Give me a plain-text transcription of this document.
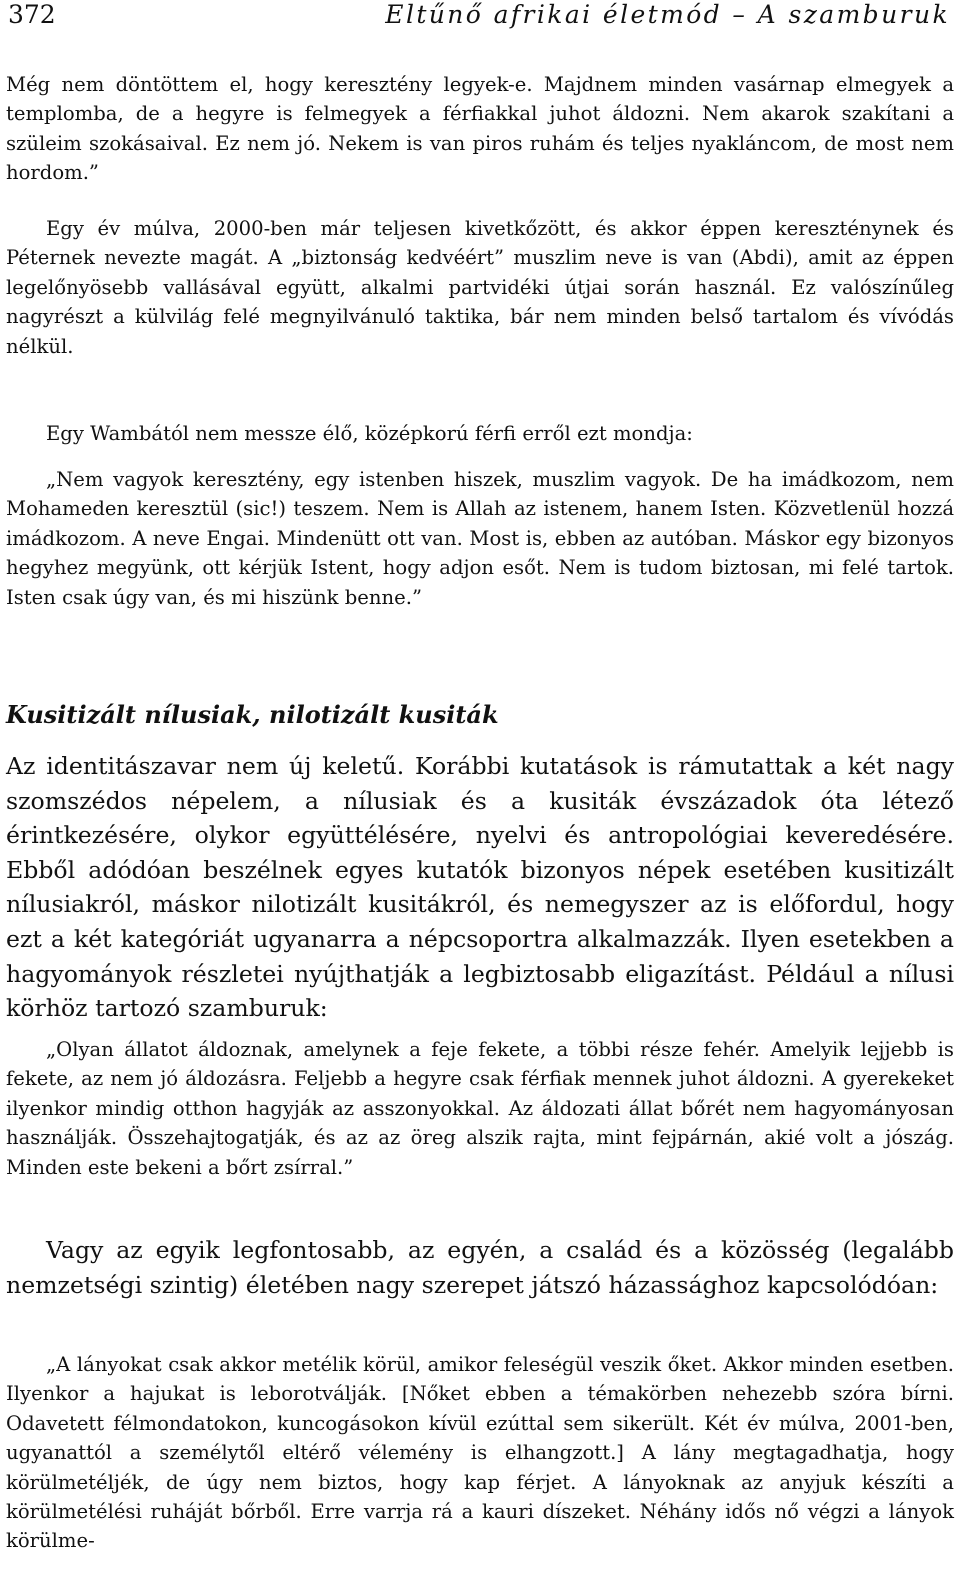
372	Eltűnő afrikai életmód – A szamburuk

Még nem döntöttem el, hogy keresztény legyek-e. Majdnem minden vasárnap elmegyek a templomba, de a hegyre is felmegyek a férfiakkal juhot áldozni. Nem akarok szakítani a szüleim szokásaival. Ez nem jó. Nekem is van piros ruhám és teljes nyakláncom, de most nem hordom.”

Egy év múlva, 2000-ben már teljesen kivetkőzött, és akkor éppen kereszténynek és Péternek nevezte magát. A „biztonság kedvéért” muszlim neve is van (Abdi), amit az éppen legelőnyösebb vallásával együtt, alkalmi partvidéki útjai során használ. Ez valószínűleg nagyrészt a külvilág felé megnyilvánuló taktika, bár nem minden belső tartalom és vívódás nélkül.

Egy Wambától nem messze élő, középkorú férfi erről ezt mondja:

„Nem vagyok keresztény, egy istenben hiszek, muszlim vagyok. De ha imádkozom, nem Mohameden keresztül (sic!) teszem. Nem is Allah az istenem, hanem Isten. Közvetlenül hozzá imádkozom. A neve Engai. Mindenütt ott van. Most is, ebben az autóban. Máskor egy bizonyos hegyhez megyünk, ott kérjük Istent, hogy adjon esőt. Nem is tudom biztosan, mi felé tartok. Isten csak úgy van, és mi hiszünk benne.”

Kusitizált nílusiak, nilotizált kusiták

Az identitászavar nem új keletű. Korábbi kutatások is rámutattak a két nagy szomszédos népelem, a nílusiak és a kusiták évszázadok óta létező érintkezésére, olykor együttélésére, nyelvi és antropológiai keveredésére. Ebből adódóan beszélnek egyes kutatók bizonyos népek esetében kusitizált nílusiakról, máskor nilotizált kusitákról, és nemegyszer az is előfordul, hogy ezt a két kategóriát ugyanarra a népcsoportra alkalmazzák. Ilyen esetekben a hagyományok részletei nyújthatják a legbiztosabb eligazítást. Például a nílusi körhöz tartozó szamburuk:

„Olyan állatot áldoznak, amelynek a feje fekete, a többi része fehér. Amelyik lejjebb is fekete, az nem jó áldozásra. Feljebb a hegyre csak férfiak mennek juhot áldozni. A gyerekeket ilyenkor mindig otthon hagyják az asszonyokkal. Az áldozati állat bőrét nem hagyományosan használják. Összehajtogatják, és az az öreg alszik rajta, mint fejpárnán, akié volt a jószág. Minden este bekeni a bőrt zsírral.”

Vagy az egyik legfontosabb, az egyén, a család és a közösség (legalább nemzetségi szintig) életében nagy szerepet játszó házassághoz kapcsolódóan:

„A lányokat csak akkor metélik körül, amikor feleségül veszik őket. Akkor minden esetben. Ilyenkor a hajukat is leborotválják. [Nőket ebben a témakörben nehezebb szóra bírni. Odavetett félmondatokon, kuncogásokon kívül ezúttal sem sikerült. Két év múlva, 2001-ben, ugyanattól a személytől eltérő vélemény is elhangzott.] A lány megtagadhatja, hogy körülmetéljék, de úgy nem biztos, hogy kap férjet. A lányoknak az anyjuk készíti a körülmetélési ruháját bőrből. Erre varrja rá a kauri díszeket. Néhány idős nő végzi a lányok körülme-
